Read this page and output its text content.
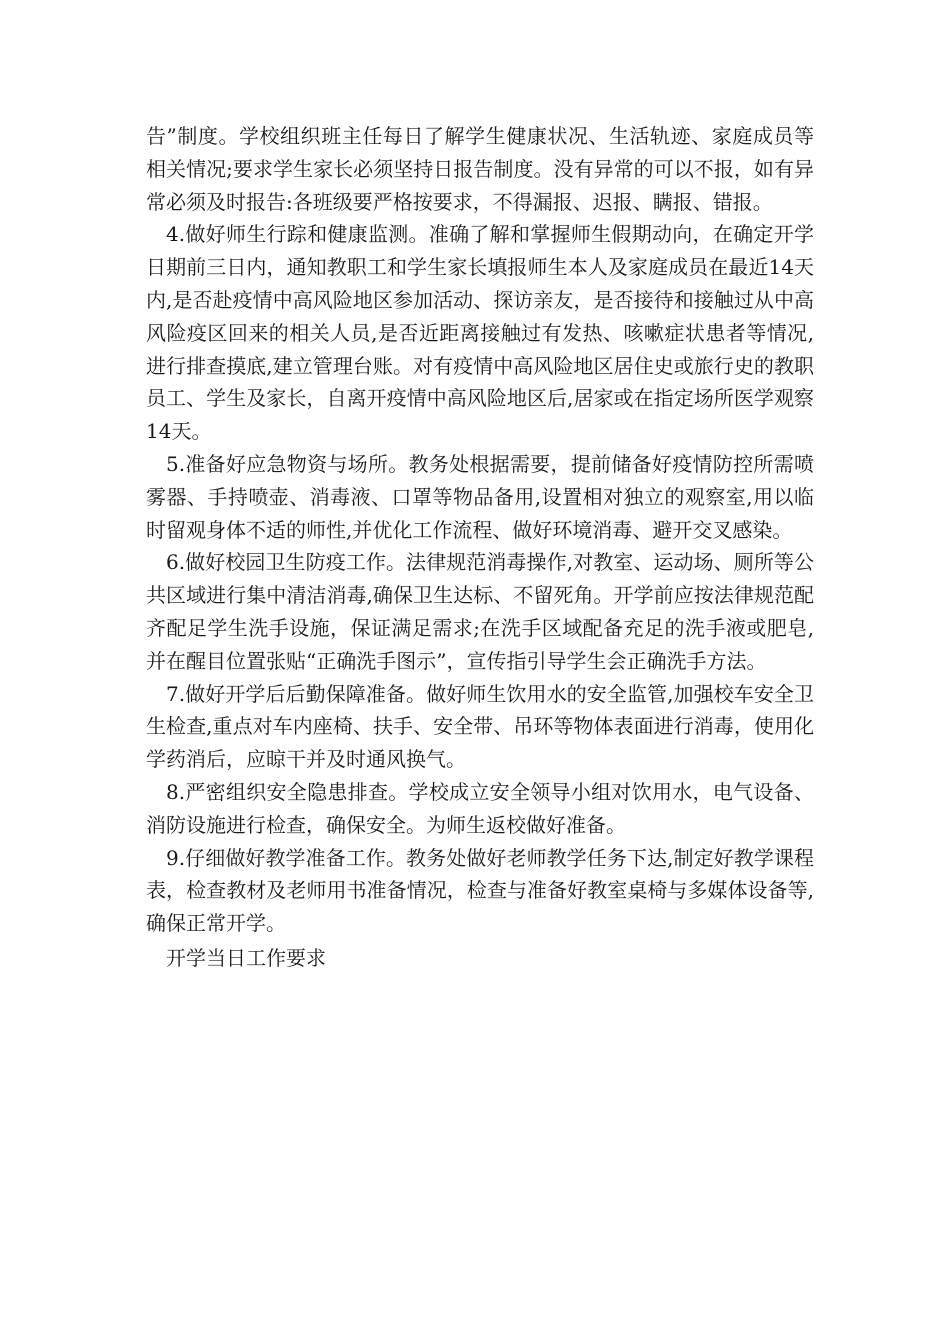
告”制度。学校组织班主任每日了解学生健康状况、生活轨迹、家庭成员等相关情况;要求学生家长必须坚持日报告制度。没有异常的可以不报，如有异常必须及时报告:各班级要严格按要求，不得漏报、迟报、瞒报、错报。

4.做好师生行踪和健康监测。准确了解和掌握师生假期动向，在确定开学日期前三日内，通知教职工和学生家长填报师生本人及家庭成员在最近14天内,是否赴疫情中高风险地区参加活动、探访亲友，是否接待和接触过从中高风险疫区回来的相关人员,是否近距离接触过有发热、咳嗽症状患者等情况,进行排查摸底,建立管理台账。对有疫情中高风险地区居住史或旅行史的教职员工、学生及家长，自离开疫情中高风险地区后,居家或在指定场所医学观察14天。

5.准备好应急物资与场所。教务处根据需要，提前储备好疫情防控所需喷雾器、手持喷壶、消毒液、口罩等物品备用,设置相对独立的观察室,用以临时留观身体不适的师性,并优化工作流程、做好环境消毒、避开交叉感染。

6.做好校园卫生防疫工作。法律规范消毒操作,对教室、运动场、厕所等公共区域进行集中清洁消毒,确保卫生达标、不留死角。开学前应按法律规范配齐配足学生洗手设施，保证满足需求;在洗手区域配备充足的洗手液或肥皂,并在醒目位置张贴“正确洗手图示”，宣传指引导学生会正确洗手方法。

7.做好开学后后勤保障准备。做好师生饮用水的安全监管,加强校车安全卫生检查,重点对车内座椅、扶手、安全带、吊环等物体表面进行消毒，使用化学药消后，应晾干并及时通风换气。

8.严密组织安全隐患排查。学校成立安全领导小组对饮用水，电气设备、消防设施进行检查，确保安全。为师生返校做好准备。

9.仔细做好教学准备工作。教务处做好老师教学任务下达,制定好教学课程表，检查教材及老师用书准备情况，检查与准备好教室桌椅与多媒体设备等,确保正常开学。

开学当日工作要求
